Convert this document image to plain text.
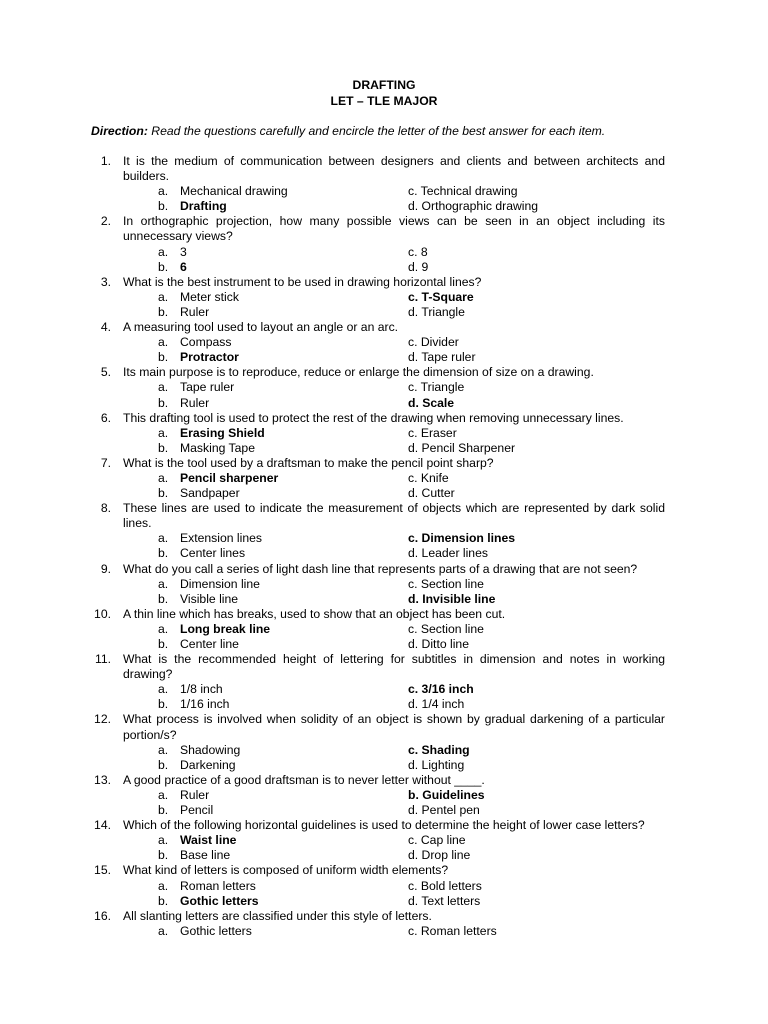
DRAFTING
LET – TLE MAJOR
Direction: Read the questions carefully and encircle the letter of the best answer for each item.
1. It is the medium of communication between designers and clients and between architects and
builders.
a. Mechanical drawing	c. Technical drawing
b. Drafting	d. Orthographic drawing
2. In orthographic projection, how many possible views can be seen in an object including its
unnecessary views?
a. 3	c. 8
b. 6	d. 9
3. What is the best instrument to be used in drawing horizontal lines?
a. Meter stick	c. T-Square
b. Ruler	d. Triangle
4. A measuring tool used to layout an angle or an arc.
a. Compass	c. Divider
b. Protractor	d. Tape ruler
5. Its main purpose is to reproduce, reduce or enlarge the dimension of size on a drawing.
a. Tape ruler	c. Triangle
b. Ruler	d. Scale
6. This drafting tool is used to protect the rest of the drawing when removing unnecessary lines.
a. Erasing Shield	c. Eraser
b. Masking Tape	d. Pencil Sharpener
7. What is the tool used by a draftsman to make the pencil point sharp?
a. Pencil sharpener	c. Knife
b. Sandpaper	d. Cutter
8. These lines are used to indicate the measurement of objects which are represented by dark solid
lines.
a. Extension lines	c. Dimension lines
b. Center lines	d. Leader lines
9. What do you call a series of light dash line that represents parts of a drawing that are not seen?
a. Dimension line	c. Section line
b. Visible line	d. Invisible line
10. A thin line which has breaks, used to show that an object has been cut.
a. Long break line	c. Section line
b. Center line	d. Ditto line
11. What is the recommended height of lettering for subtitles in dimension and notes in working
drawing?
a. 1/8 inch	c. 3/16 inch
b. 1/16 inch	d. 1/4 inch
12. What process is involved when solidity of an object is shown by gradual darkening of a particular
portion/s?
a. Shadowing	c. Shading
b. Darkening	d. Lighting
13. A good practice of a good draftsman is to never letter without ____.
a. Ruler	b. Guidelines
b. Pencil	d. Pentel pen
14. Which of the following horizontal guidelines is used to determine the height of lower case letters?
a. Waist line	c. Cap line
b. Base line	d. Drop line
15. What kind of letters is composed of uniform width elements?
a. Roman letters	c. Bold letters
b. Gothic letters	d. Text letters
16. All slanting letters are classified under this style of letters.
a. Gothic letters	c. Roman letters
